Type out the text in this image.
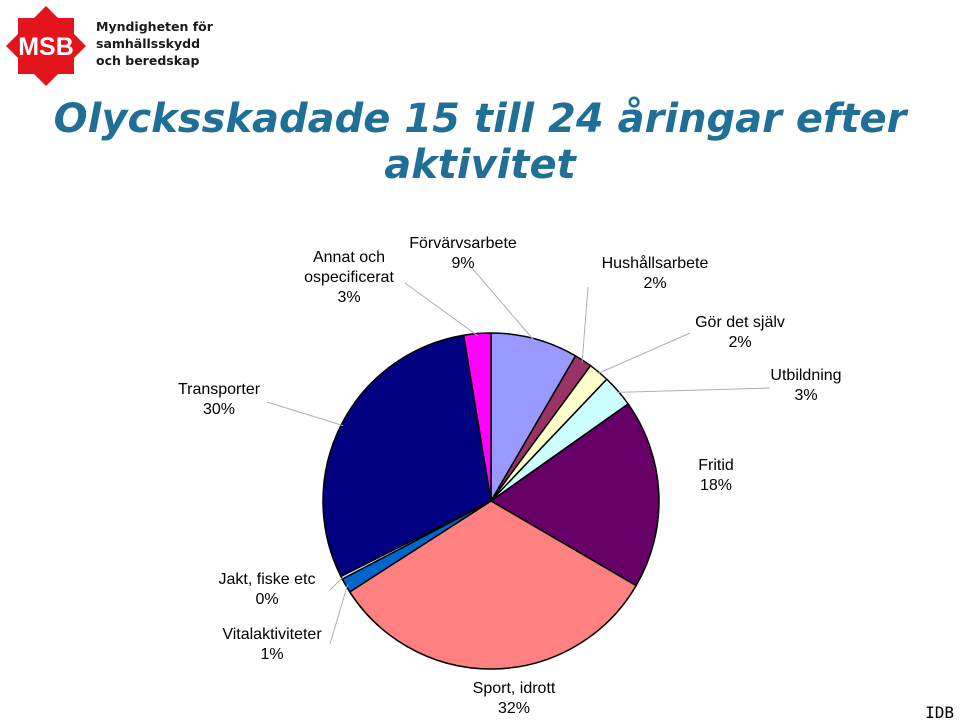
MSB
Myndigheten för
samhällsskydd
och beredskap
Olycksskadade 15 till 24 åringar efter
aktivitet
Förvärvsarbete
9%	Hushållsarbete
2%
Gör det själv
2%
Utbildning
3%
Fritid
18%
Sport, idrott
32%
Vitalaktiviteter
1%
Jakt, fiske etc
0%
Transporter
30%
Annat och
ospecificerat
3%
IDB
